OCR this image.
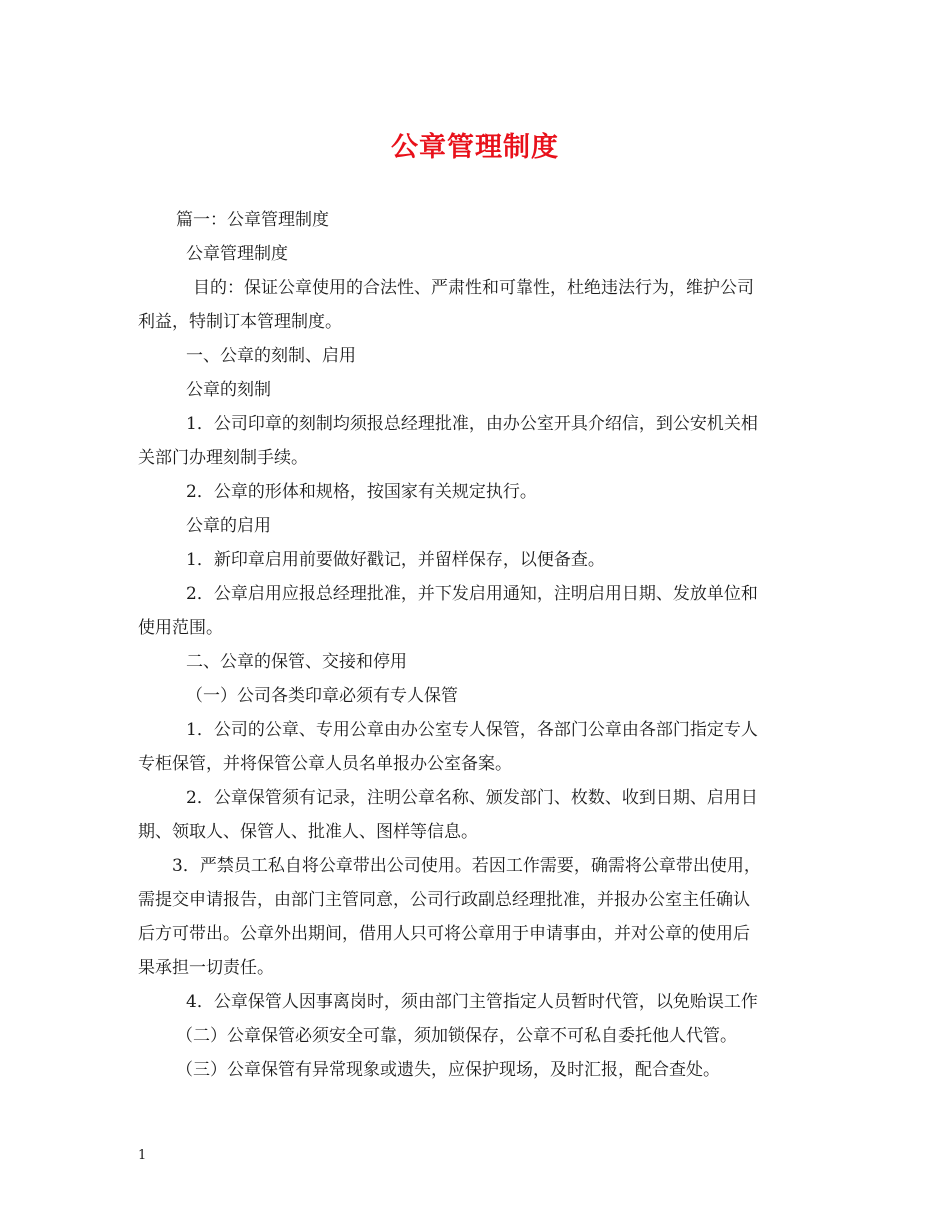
公章管理制度

篇一：公章管理制度

公章管理制度

目的：保证公章使用的合法性、严肃性和可靠性，杜绝违法行为，维护公司

利益，特制订本管理制度。

一、公章的刻制、启用

公章的刻制

1．公司印章的刻制均须报总经理批准，由办公室开具介绍信，到公安机关相

关部门办理刻制手续。

2．公章的形体和规格，按国家有关规定执行。

公章的启用

1．新印章启用前要做好戳记，并留样保存，以便备查。

2．公章启用应报总经理批准，并下发启用通知，注明启用日期、发放单位和

使用范围。

二、公章的保管、交接和停用

（一）公司各类印章必须有专人保管

1．公司的公章、专用公章由办公室专人保管，各部门公章由各部门指定专人

专柜保管，并将保管公章人员名单报办公室备案。

2．公章保管须有记录，注明公章名称、颁发部门、枚数、收到日期、启用日

期、领取人、保管人、批准人、图样等信息。

3．严禁员工私自将公章带出公司使用。若因工作需要，确需将公章带出使用，

需提交申请报告，由部门主管同意，公司行政副总经理批准，并报办公室主任确认

后方可带出。公章外出期间，借用人只可将公章用于申请事由，并对公章的使用后

果承担一切责任。

4．公章保管人因事离岗时，须由部门主管指定人员暂时代管，以免贻误工作

（二）公章保管必须安全可靠，须加锁保存，公章不可私自委托他人代管。

（三）公章保管有异常现象或遗失，应保护现场，及时汇报，配合查处。

1
